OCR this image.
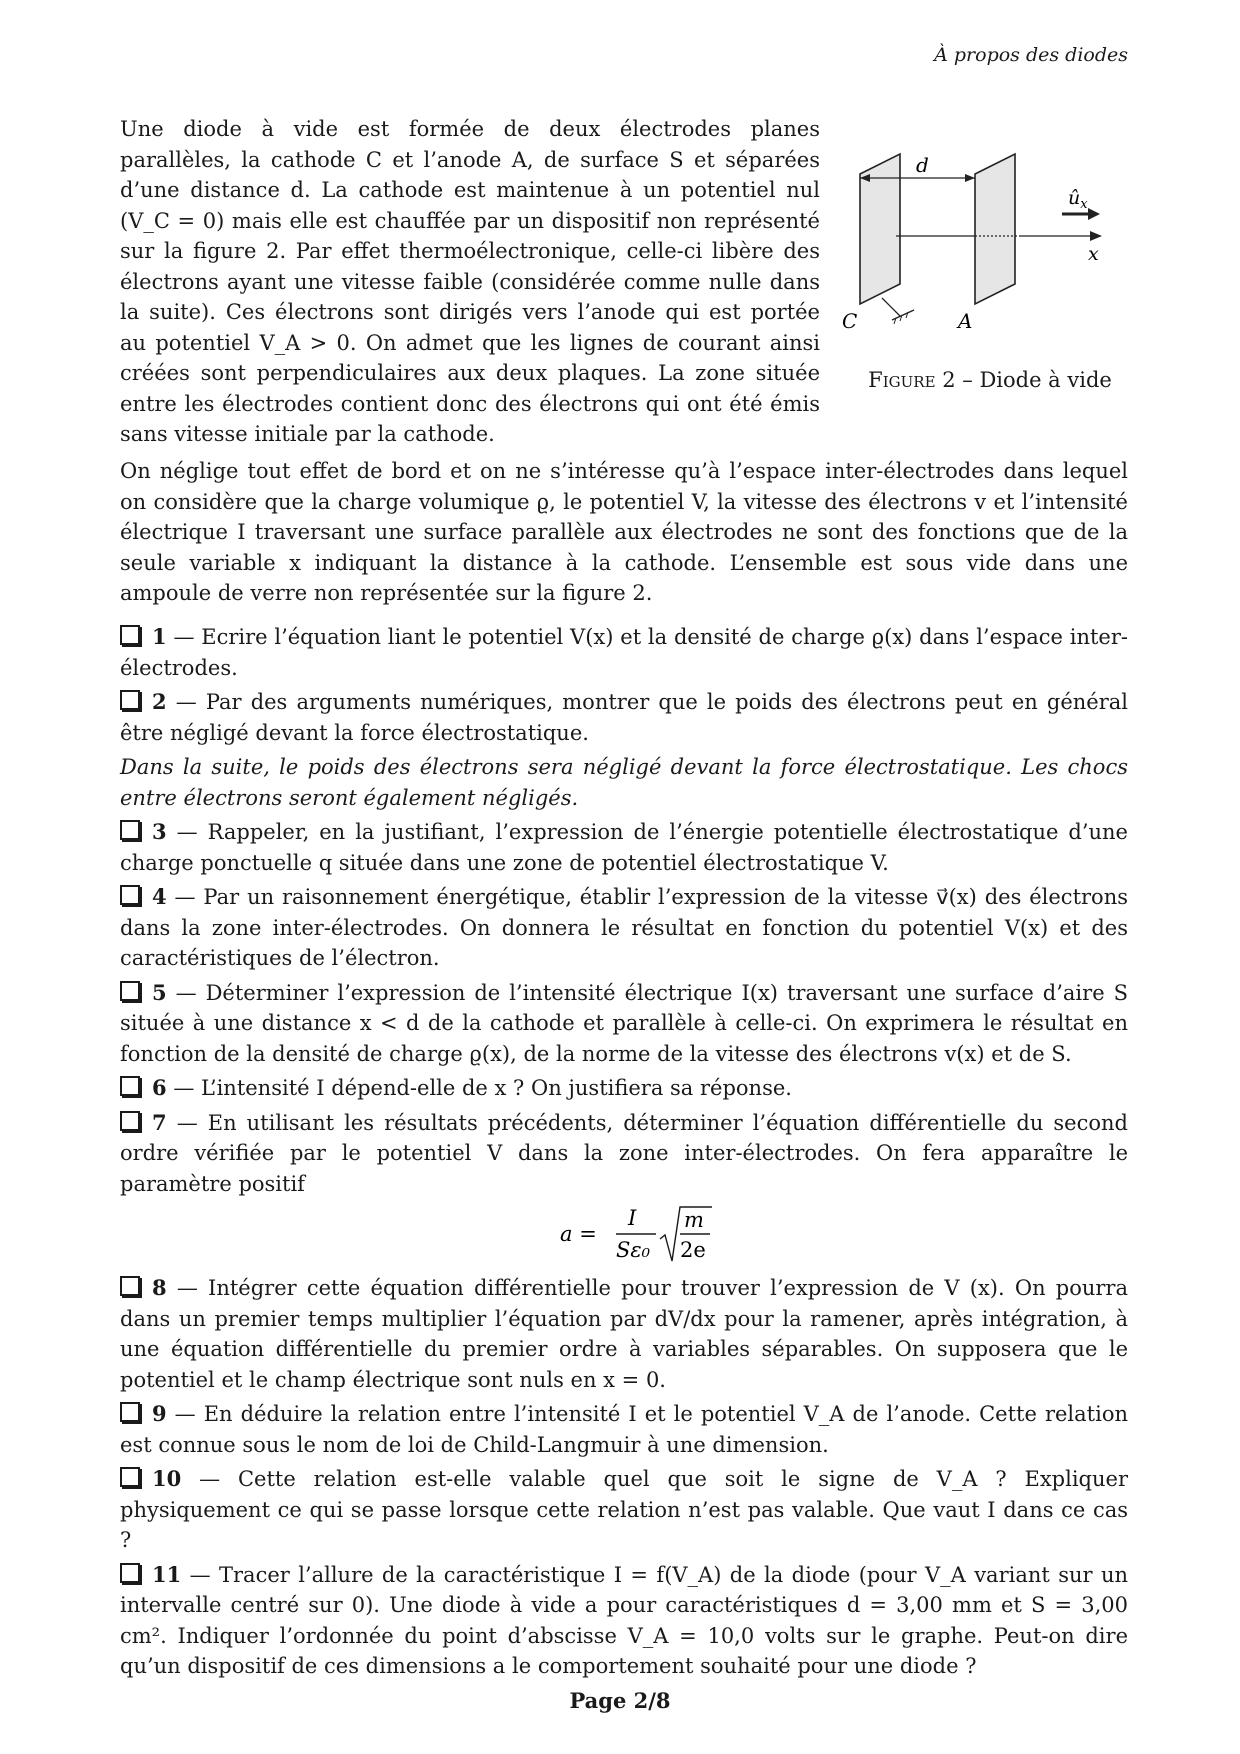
À propos des diodes
Une diode à vide est formée de deux électrodes planes parallèles, la cathode C et l’anode A, de surface S et séparées d’une distance d. La cathode est maintenue à un potentiel nul (V_C = 0) mais elle est chauffée par un dispositif non représenté sur la figure 2. Par effet thermoélectronique, celle-ci libère des électrons ayant une vitesse faible (considérée comme nulle dans la suite). Ces électrons sont dirigés vers l’anode qui est portée au potentiel V_A > 0. On admet que les lignes de courant ainsi créées sont perpendiculaires aux deux plaques. La zone située entre les électrodes contient donc des électrons qui ont été émis sans vitesse initiale par la cathode.
d
x
$û_x$
C	A
Figure 2 – Diode à vide
On néglige tout effet de bord et on ne s’intéresse qu’à l’espace inter-électrodes dans lequel on considère que la charge volumique ϱ, le potentiel V, la vitesse des électrons v et l’intensité électrique I traversant une surface parallèle aux électrodes ne sont des fonctions que de la seule variable x indiquant la distance à la cathode. L’ensemble est sous vide dans une ampoule de verre non représentée sur la figure 2.

1 — Ecrire l’équation liant le potentiel V(x) et la densité de charge ϱ(x) dans l’espace inter-électrodes.

2 — Par des arguments numériques, montrer que le poids des électrons peut en général être négligé devant la force électrostatique.

Dans la suite, le poids des électrons sera négligé devant la force électrostatique. Les chocs entre électrons seront également négligés.

3 — Rappeler, en la justifiant, l’expression de l’énergie potentielle électrostatique d’une charge ponctuelle q située dans une zone de potentiel électrostatique V.

4 — Par un raisonnement énergétique, établir l’expression de la vitesse v⃗(x) des électrons dans la zone inter-électrodes. On donnera le résultat en fonction du potentiel V(x) et des caractéristiques de l’électron.

5 — Déterminer l’expression de l’intensité électrique I(x) traversant une surface d’aire S située à une distance x < d de la cathode et parallèle à celle-ci. On exprimera le résultat en fonction de la densité de charge ϱ(x), de la norme de la vitesse des électrons v(x) et de S.

6 — L’intensité I dépend-elle de x ? On justifiera sa réponse.

7 — En utilisant les résultats précédents, déterminer l’équation différentielle du second ordre vérifiée par le potentiel V dans la zone inter-électrodes. On fera apparaître le paramètre positif

a =
I
Sε₀
m
2e

8 — Intégrer cette équation différentielle pour trouver l’expression de V (x). On pourra dans un premier temps multiplier l’équation par dV/dx pour la ramener, après intégration, à une équation différentielle du premier ordre à variables séparables. On supposera que le potentiel et le champ électrique sont nuls en x = 0.

9 — En déduire la relation entre l’intensité I et le potentiel V_A de l’anode. Cette relation est connue sous le nom de loi de Child-Langmuir à une dimension.

10 — Cette relation est-elle valable quel que soit le signe de V_A ? Expliquer physiquement ce qui se passe lorsque cette relation n’est pas valable. Que vaut I dans ce cas ?

11 — Tracer l’allure de la caractéristique I = f(V_A) de la diode (pour V_A variant sur un intervalle centré sur 0). Une diode à vide a pour caractéristiques d = 3,00 mm et S = 3,00 cm². Indiquer l’ordonnée du point d’abscisse V_A = 10,0 volts sur le graphe. Peut-on dire qu’un dispositif de ces dimensions a le comportement souhaité pour une diode ?

Page 2/8
